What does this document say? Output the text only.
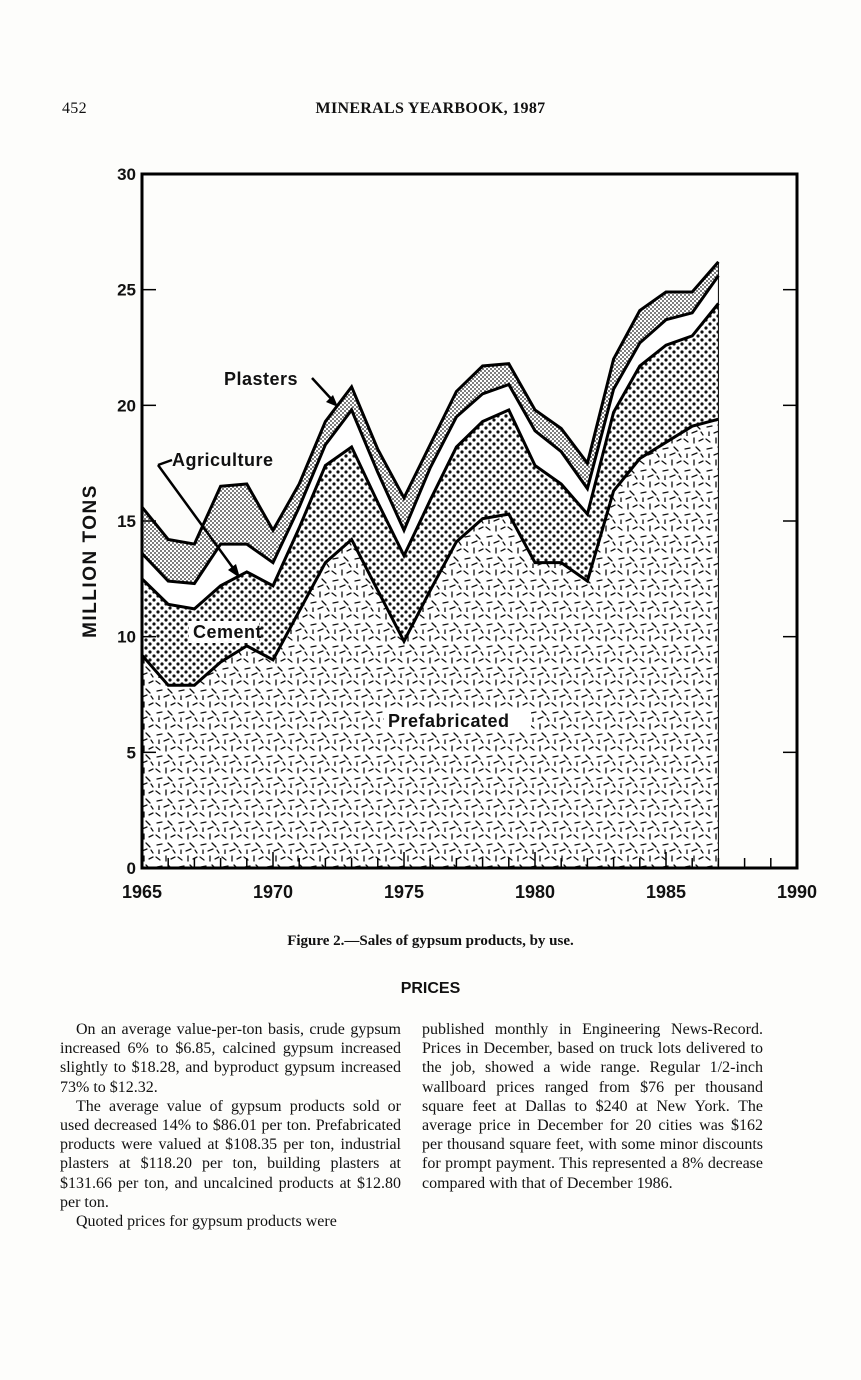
452	MINERALS YEARBOOK, 1987
0
5
10
15
20
25
30
1965	1970	1975	1980	1985	1990
MILLION TONS
Plasters
Agriculture
Cement
Prefabricated
Figure 2.—Sales of gypsum products, by use.
PRICES

On an average value-per-ton basis, crude gypsum increased 6% to $6.85, calcined gypsum increased slightly to $18.28, and byproduct gypsum increased 73% to $12.32.

The average value of gypsum products sold or used decreased 14% to $86.01 per ton. Prefabricated products were valued at $108.35 per ton, industrial plasters at $118.20 per ton, building plasters at $131.66 per ton, and uncalcined products at $12.80 per ton.

Quoted prices for gypsum products were

published monthly in Engineering News-Record. Prices in December, based on truck lots delivered to the job, showed a wide range. Regular 1/2-inch wallboard prices ranged from $76 per thousand square feet at Dallas to $240 at New York. The average price in December for 20 cities was $162 per thousand square feet, with some minor discounts for prompt payment. This represented a 8% decrease compared with that of December 1986.
